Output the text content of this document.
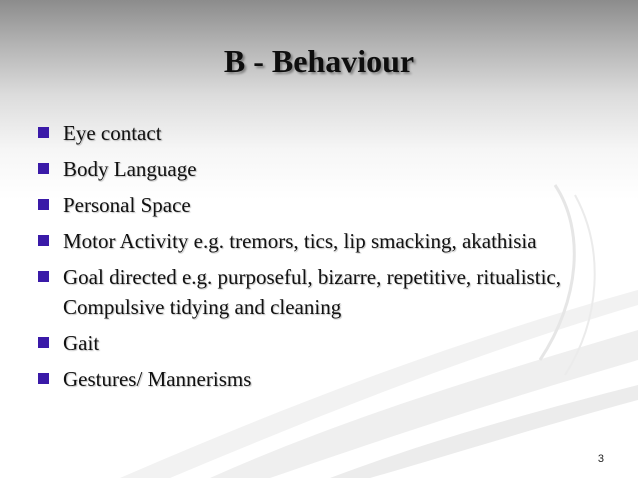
B - Behaviour
Eye contact
Body Language
Personal Space
Motor Activity e.g. tremors, tics, lip smacking, akathisia
Goal directed e.g. purposeful, bizarre, repetitive, ritualistic, Compulsive tidying and cleaning
Gait
Gestures/ Mannerisms
3
